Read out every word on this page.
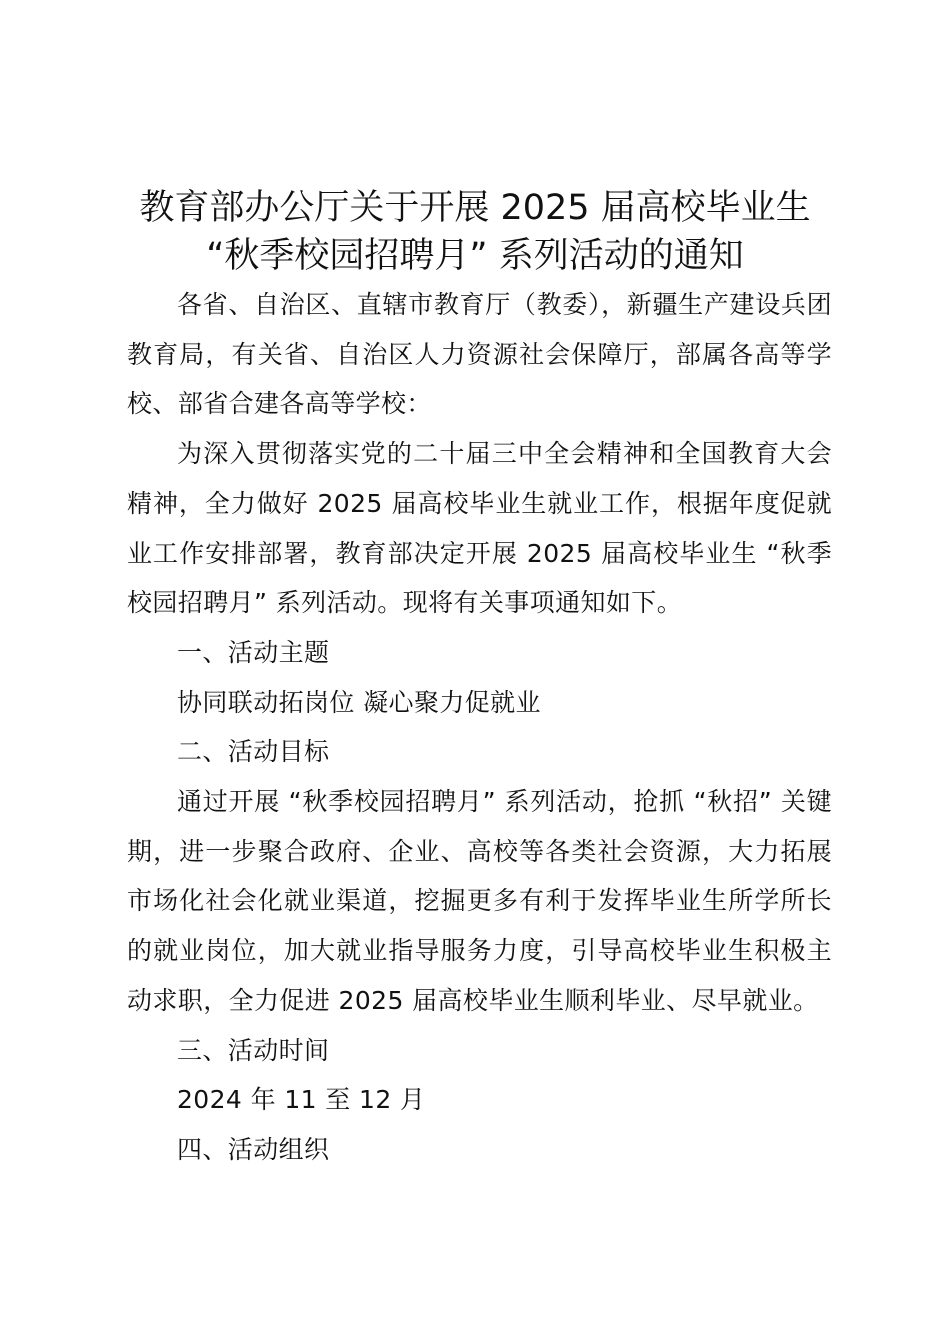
教育部办公厅关于开展 2025 届高校毕业生
“秋季校园招聘月” 系列活动的通知

各省、自治区、直辖市教育厅（教委），新疆生产建设兵团教育局，有关省、自治区人力资源社会保障厅，部属各高等学校、部省合建各高等学校：

为深入贯彻落实党的二十届三中全会精神和全国教育大会精神，全力做好 2025 届高校毕业生就业工作，根据年度促就业工作安排部署，教育部决定开展 2025 届高校毕业生 “秋季校园招聘月” 系列活动。现将有关事项通知如下。

一、活动主题

协同联动拓岗位 凝心聚力促就业

二、活动目标

通过开展 “秋季校园招聘月” 系列活动，抢抓 “秋招” 关键期，进一步聚合政府、企业、高校等各类社会资源，大力拓展市场化社会化就业渠道，挖掘更多有利于发挥毕业生所学所长的就业岗位，加大就业指导服务力度，引导高校毕业生积极主动求职，全力促进 2025 届高校毕业生顺利毕业、尽早就业。

三、活动时间

2024 年 11 至 12 月

四、活动组织
